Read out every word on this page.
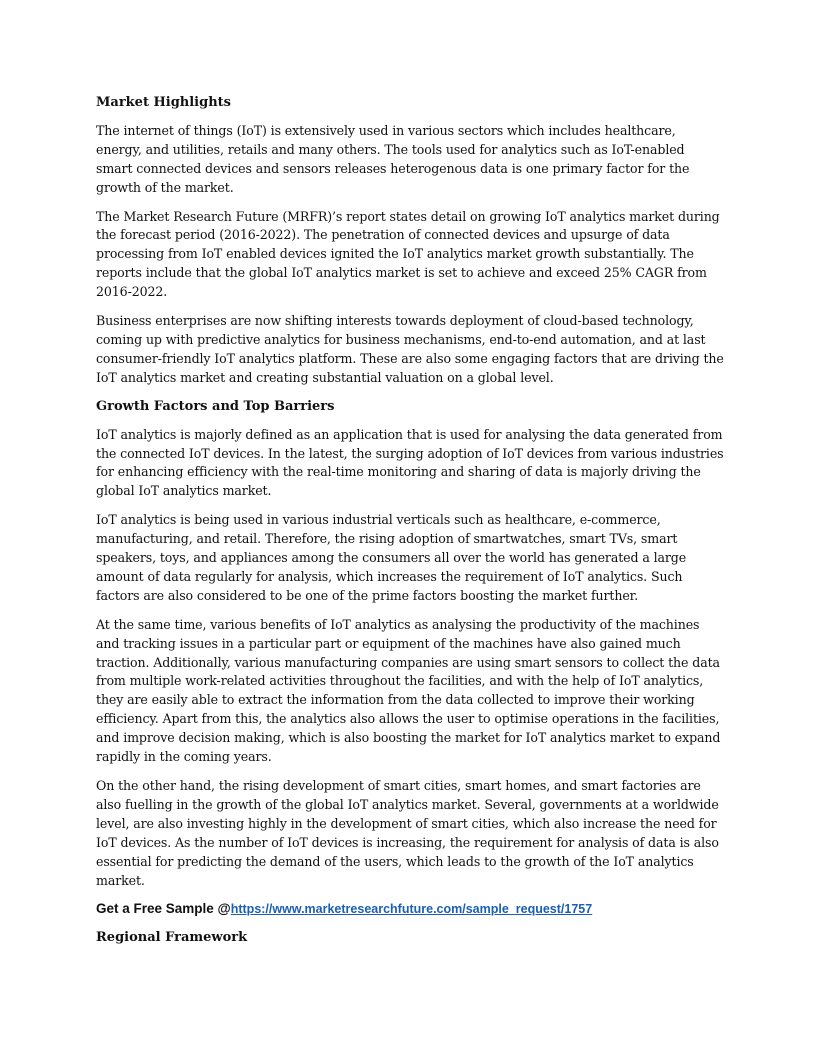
Market Highlights

The internet of things (IoT) is extensively used in various sectors which includes healthcare, energy, and utilities, retails and many others. The tools used for analytics such as IoT-enabled smart connected devices and sensors releases heterogenous data is one primary factor for the growth of the market.

The Market Research Future (MRFR)’s report states detail on growing IoT analytics market during the forecast period (2016-2022). The penetration of connected devices and upsurge of data processing from IoT enabled devices ignited the IoT analytics market growth substantially. The reports include that the global IoT analytics market is set to achieve and exceed 25% CAGR from 2016-2022.

Business enterprises are now shifting interests towards deployment of cloud-based technology, coming up with predictive analytics for business mechanisms, end-to-end automation, and at last consumer-friendly IoT analytics platform. These are also some engaging factors that are driving the IoT analytics market and creating substantial valuation on a global level.

Growth Factors and Top Barriers

IoT analytics is majorly defined as an application that is used for analysing the data generated from the connected IoT devices. In the latest, the surging adoption of IoT devices from various industries for enhancing efficiency with the real-time monitoring and sharing of data is majorly driving the global IoT analytics market.

IoT analytics is being used in various industrial verticals such as healthcare, e-commerce, manufacturing, and retail. Therefore, the rising adoption of smartwatches, smart TVs, smart speakers, toys, and appliances among the consumers all over the world has generated a large amount of data regularly for analysis, which increases the requirement of IoT analytics. Such factors are also considered to be one of the prime factors boosting the market further.

At the same time, various benefits of IoT analytics as analysing the productivity of the machines and tracking issues in a particular part or equipment of the machines have also gained much traction. Additionally, various manufacturing companies are using smart sensors to collect the data from multiple work-related activities throughout the facilities, and with the help of IoT analytics, they are easily able to extract the information from the data collected to improve their working efficiency. Apart from this, the analytics also allows the user to optimise operations in the facilities, and improve decision making, which is also boosting the market for IoT analytics market to expand rapidly in the coming years.

On the other hand, the rising development of smart cities, smart homes, and smart factories are also fuelling in the growth of the global IoT analytics market. Several, governments at a worldwide level, are also investing highly in the development of smart cities, which also increase the need for IoT devices. As the number of IoT devices is increasing, the requirement for analysis of data is also essential for predicting the demand of the users, which leads to the growth of the IoT analytics market.

Get a Free Sample @https://www.marketresearchfuture.com/sample_request/1757
Regional Framework
